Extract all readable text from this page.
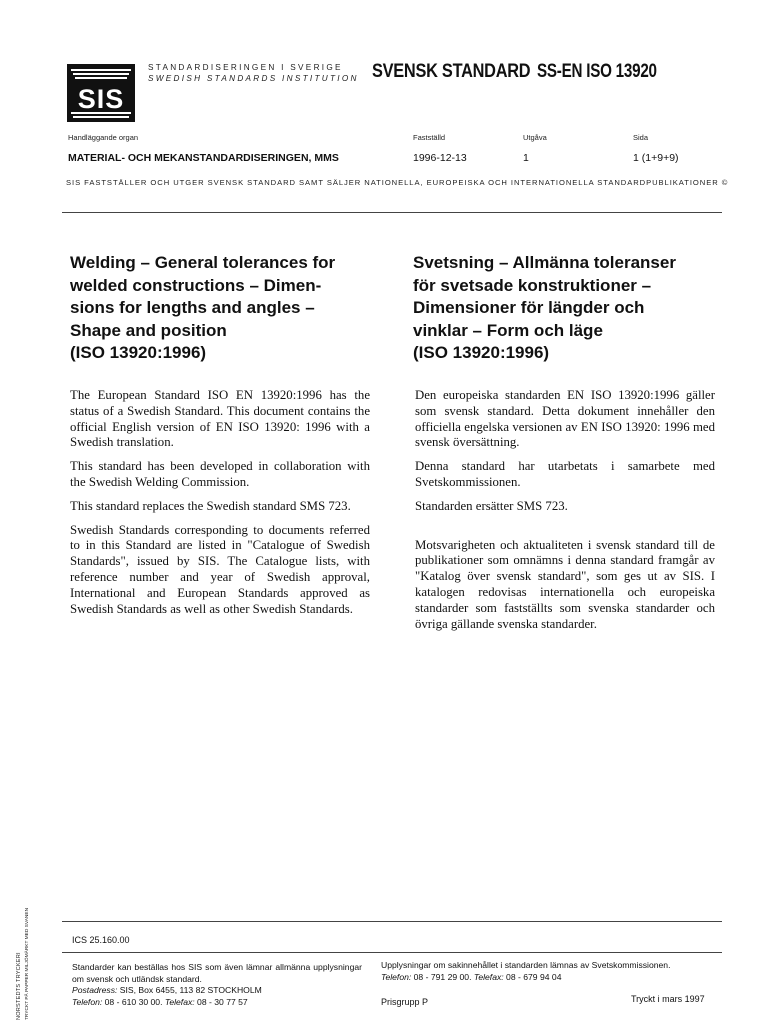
SIS
STANDARDISERINGEN I SVERIGE
SWEDISH STANDARDS INSTITUTION SVENSK STANDARD SS-EN ISO 13920
Handläggande organ
MATERIAL- OCH MEKANSTANDARDISERINGEN, MMS
Fastställd
1996-12-13
Utgåva
1
Sida
1 (1+9+9)
SIS FASTSTÄLLER OCH UTGER SVENSK STANDARD SAMT SÄLJER NATIONELLA, EUROPEISKA OCH INTERNATIONELLA STANDARDPUBLIKATIONER ©
Welding – General tolerances for
welded constructions – Dimen-
sions for lengths and angles –
Shape and position
(ISO 13920:1996)
Svetsning – Allmänna toleranser
för svetsade konstruktioner –
Dimensioner för längder och
vinklar – Form och läge
(ISO 13920:1996)

The European Standard ISO EN 13920:1996 has the status of a Swedish Standard. This document contains the official English version of EN ISO 13920: 1996 with a Swedish translation.

This standard has been developed in collaboration with the Swedish Welding Commission.

This standard replaces the Swedish standard SMS 723.

Swedish Standards corresponding to documents referred to in this Standard are listed in "Catalogue of Swedish Standards", issued by SIS. The Catalogue lists, with reference number and year of Swedish approval, International and European Standards approved as Swedish Standards as well as other Swedish Standards.

Den europeiska standarden EN ISO 13920:1996 gäller som svensk standard. Detta dokument innehåller den officiella engelska versionen av EN ISO 13920: 1996 med svensk översättning.

Denna standard har utarbetats i samarbete med Svetskommissionen.

Standarden ersätter SMS 723.

Motsvarigheten och aktualiteten i svensk standard till de publikationer som omnämns i denna standard framgår av "Katalog över svensk standard", som ges ut av SIS. I katalogen redovisas internationella och europeiska standarder som fastställts som svenska standarder och övriga gällande svenska standarder.

NORSTEDTS TRYCKERI TRYCKT PÅ PAPPER MILJÖMÄRKT MED SVANEN	ICS 25.160.00
Standarder kan beställas hos SIS som även lämnar allmänna upplysningar om svensk och utländsk standard.
Postadress: SIS, Box 6455, 113 82 STOCKHOLM
Telefon: 08 - 610 30 00. Telefax: 08 - 30 77 57
Upplysningar om sakinnehållet i standarden lämnas av Svetskommissionen.
Telefon: 08 - 791 29 00. Telefax: 08 - 679 94 04
Prisgrupp P	Tryckt i mars 1997
